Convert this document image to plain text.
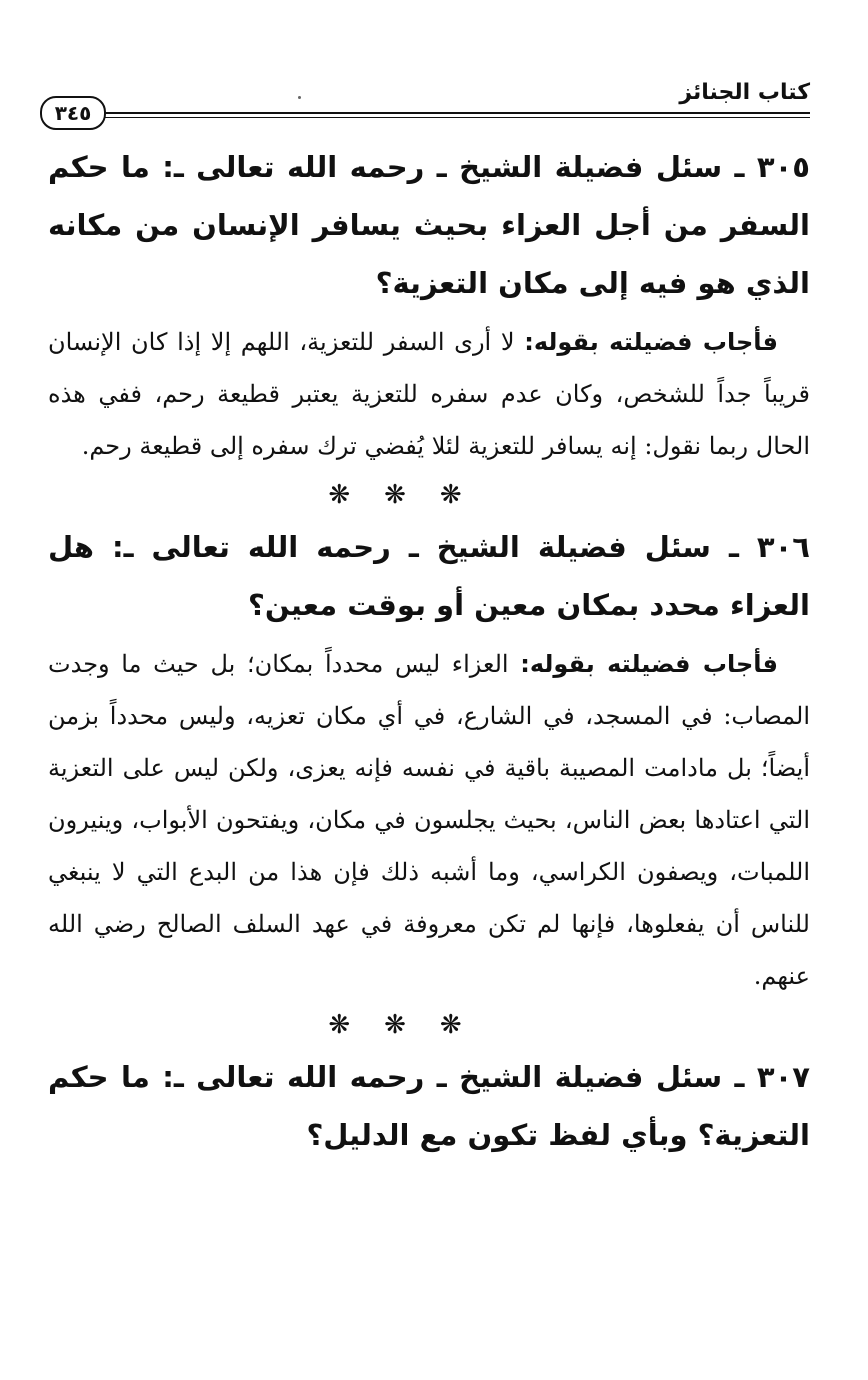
كتاب الجنائز
٣٤٥

٣٠٥ ـ سئل فضيلة الشيخ ـ رحمه الله تعالى ـ: ما حكم السفر من أجل العزاء بحيث يسافر الإنسان من مكانه الذي هو فيه إلى مكان التعزية؟

فأجاب فضيلته بقوله: لا أرى السفر للتعزية، اللهم إلا إذا كان الإنسان قريباً جداً للشخص، وكان عدم سفره للتعزية يعتبر قطيعة رحم، ففي هذه الحال ربما نقول: إنه يسافر للتعزية لئلا يُفضي ترك سفره إلى قطيعة رحم.

❋❋❋

٣٠٦ ـ سئل فضيلة الشيخ ـ رحمه الله تعالى ـ: هل العزاء محدد بمكان معين أو بوقت معين؟

فأجاب فضيلته بقوله: العزاء ليس محدداً بمكان؛ بل حيث ما وجدت المصاب: في المسجد، في الشارع، في أي مكان تعزيه، وليس محدداً بزمن أيضاً؛ بل مادامت المصيبة باقية في نفسه فإنه يعزى، ولكن ليس على التعزية التي اعتادها بعض الناس، بحيث يجلسون في مكان، ويفتحون الأبواب، وينيرون اللمبات، ويصفون الكراسي، وما أشبه ذلك فإن هذا من البدع التي لا ينبغي للناس أن يفعلوها، فإنها لم تكن معروفة في عهد السلف الصالح رضي الله عنهم.

❋❋❋

٣٠٧ ـ سئل فضيلة الشيخ ـ رحمه الله تعالى ـ: ما حكم التعزية؟ وبأي لفظ تكون مع الدليل؟
